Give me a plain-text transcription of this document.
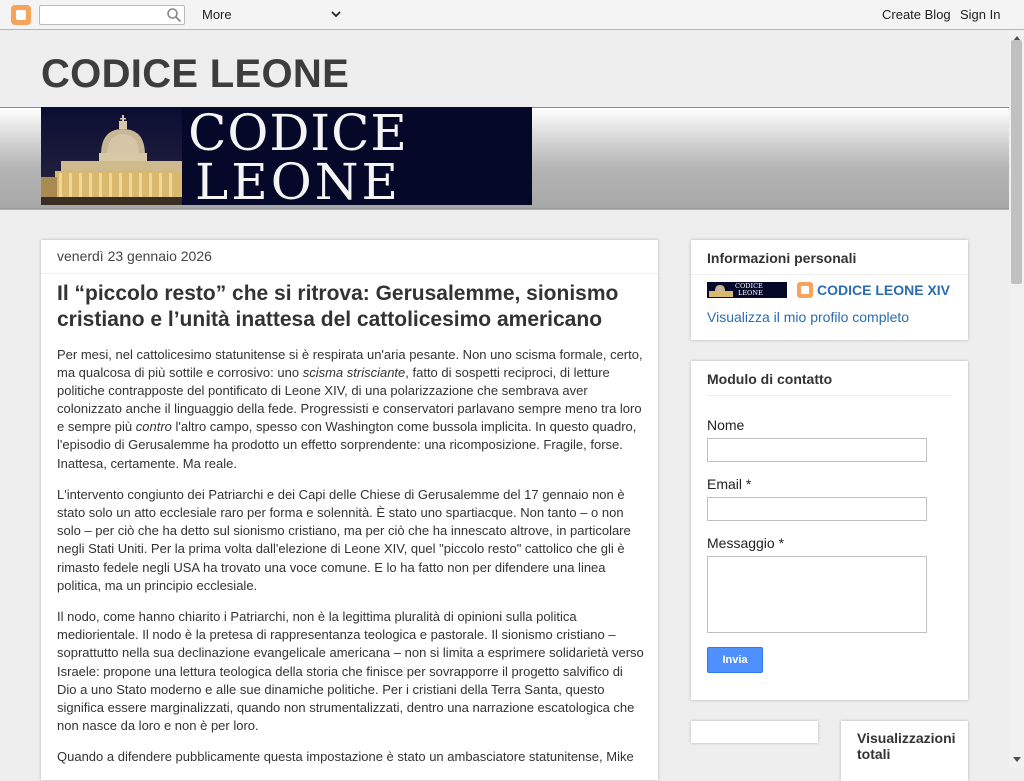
More	Create Blog Sign In
CODICE LEONE
CODICE
LEONE
venerdì 23 gennaio 2026
Il “piccolo resto” che si ritrova: Gerusalemme, sionismo cristiano e l’unità inattesa del cattolicesimo americano

Per mesi, nel cattolicesimo statunitense si è respirata un'aria pesante. Non uno scisma formale, certo, ma qualcosa di più sottile e corrosivo: uno scisma strisciante, fatto di sospetti reciproci, di letture politiche contrapposte del pontificato di Leone XIV, di una polarizzazione che sembrava aver colonizzato anche il linguaggio della fede. Progressisti e conservatori parlavano sempre meno tra loro e sempre più contro l'altro campo, spesso con Washington come bussola implicita. In questo quadro, l'episodio di Gerusalemme ha prodotto un effetto sorprendente: una ricomposizione. Fragile, forse. Inattesa, certamente. Ma reale.

L'intervento congiunto dei Patriarchi e dei Capi delle Chiese di Gerusalemme del 17 gennaio non è stato solo un atto ecclesiale raro per forma e solennità. È stato uno spartiacque. Non tanto – o non solo – per ciò che ha detto sul sionismo cristiano, ma per ciò che ha innescato altrove, in particolare negli Stati Uniti. Per la prima volta dall'elezione di Leone XIV, quel "piccolo resto" cattolico che gli è rimasto fedele negli USA ha trovato una voce comune. E lo ha fatto non per difendere una linea politica, ma un principio ecclesiale.

Il nodo, come hanno chiarito i Patriarchi, non è la legittima pluralità di opinioni sulla politica mediorientale. Il nodo è la pretesa di rappresentanza teologica e pastorale. Il sionismo cristiano – soprattutto nella sua declinazione evangelicale americana – non si limita a esprimere solidarietà verso Israele: propone una lettura teologica della storia che finisce per sovrapporre il progetto salvifico di Dio a uno Stato moderno e alle sue dinamiche politiche. Per i cristiani della Terra Santa, questo significa essere marginalizzati, quando non strumentalizzati, dentro una narrazione escatologica che non nasce da loro e non è per loro.

Quando a difendere pubblicamente questa impostazione è stato un ambasciatore statunitense, Mike

Informazioni personali
CODICE
LEONE	CODICE LEONE XIV
Visualizza il mio profilo completo
Modulo di contatto
Nome
Email *
Messaggio *
Invia
Visualizzazioni totali
